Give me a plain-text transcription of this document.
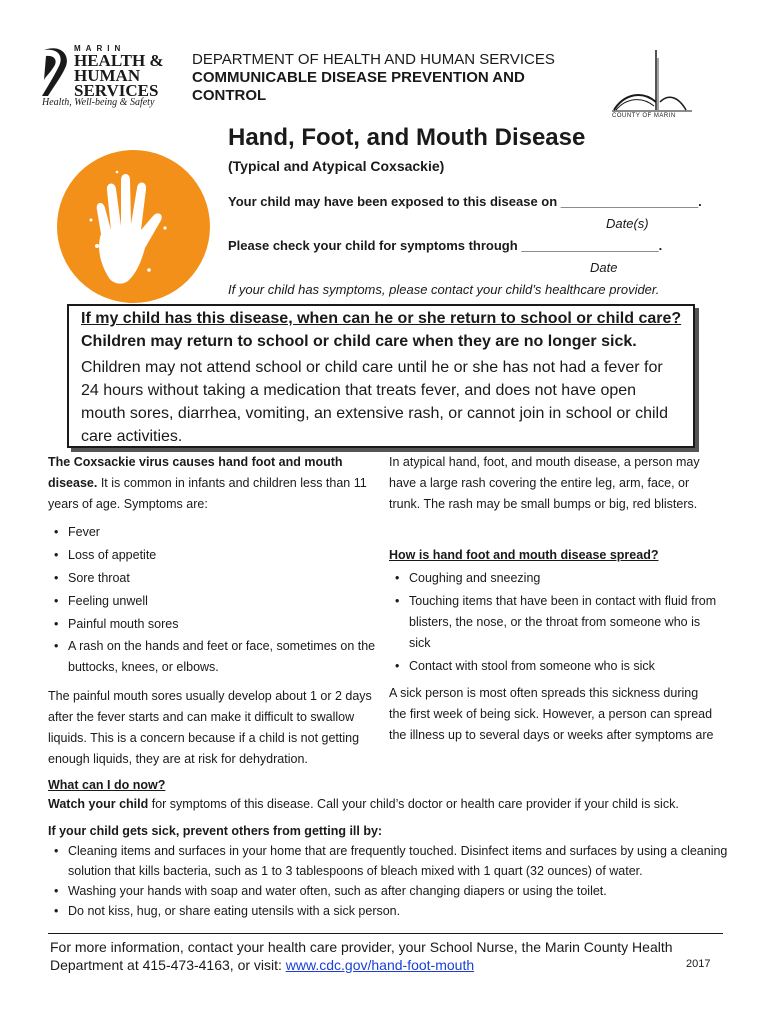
MARIN
HEALTH &
HUMAN
SERVICES
Health, Well-being & Safety
DEPARTMENT OF HEALTH AND HUMAN SERVICES
COMMUNICABLE DISEASE PREVENTION AND
CONTROL
COUNTY OF MARIN
Hand, Foot, and Mouth Disease
(Typical and Atypical Coxsackie)
Your child may have been exposed to this disease on ___________________.
Date(s)
Please check your child for symptoms through ___________________.
Date
If your child has symptoms, please contact your child’s healthcare provider.
If my child has this disease, when can he or she return to school or child care?
Children may return to school or child care when they are no longer sick.
Children may not attend school or child care until he or she has not had a fever for 24 hours without taking a medication that treats fever, and does not have open mouth sores, diarrhea, vomiting, an extensive rash, or cannot join in school or child care activities.
The Coxsackie virus causes hand foot and mouth disease. It is common in infants and children less than 11 years of age. Symptoms are:
• Fever
• Loss of appetite
• Sore throat
• Feeling unwell
• Painful mouth sores
• A rash on the hands and feet or face, sometimes on the buttocks, knees, or elbows.
The painful mouth sores usually develop about 1 or 2 days after the fever starts and can make it difficult to swallow liquids. This is a concern because if a child is not getting enough liquids, they are at risk for dehydration.
In atypical hand, foot, and mouth disease, a person may have a large rash covering the entire leg, arm, face, or trunk. The rash may be small bumps or big, red blisters.
How is hand foot and mouth disease spread?
• Coughing and sneezing
• Touching items that have been in contact with fluid from blisters, the nose, or the throat from someone who is sick
• Contact with stool from someone who is sick
A sick person is most often spreads this sickness during the first week of being sick. However, a person can spread the illness up to several days or weeks after symptoms are
What can I do now?
Watch your child for symptoms of this disease. Call your child’s doctor or health care provider if your child is sick.
If your child gets sick, prevent others from getting ill by:
• Cleaning items and surfaces in your home that are frequently touched. Disinfect items and surfaces by using a cleaning solution that kills bacteria, such as 1 to 3 tablespoons of bleach mixed with 1 quart (32 ounces) of water.
• Washing your hands with soap and water often, such as after changing diapers or using the toilet.
• Do not kiss, hug, or share eating utensils with a sick person.
For more information, contact your health care provider, your School Nurse, the Marin County Health Department at 415-473-4163, or visit: www.cdc.gov/hand-foot-mouth	2017
